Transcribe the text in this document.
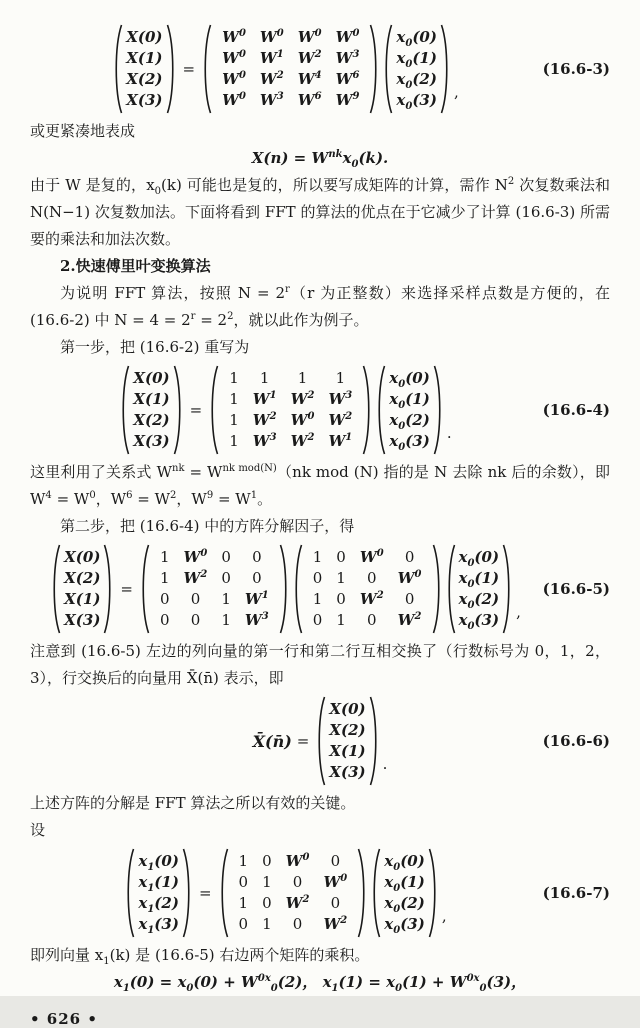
X(0)
X(1)
X(2)
X(3)
=
$W^0$ $W^0$ $W^0$ $W^0$
$W^0$ $W^1$ $W^2$ $W^3$
$W^0$ $W^2$ $W^4$ $W^6$
$W^0$ $W^3$ $W^6$ $W^9$
$x_0(0)$
$x_0(1)$
$x_0(2)$
$x_0(3)$ ,
(16.6-3)

或更紧凑地表成

$X(n) = W^{nk}x_0(k)$.

由于 W 是复的，$x_0(k)$ 可能也是复的，所以要写成矩阵的计算，需作 $N^2$ 次复数乘法和 N(N−1) 次复数加法。下面将看到 FFT 的算法的优点在于它减少了计算 (16.6-3) 所需要的乘法和加法次数。

2.快速傅里叶变换算法

为说明 FFT 算法，按照 $N = 2^r(r$ 为正整数）来选择采样点数是方便的，在 (16.6-2) 中 $N = 4 = 2^r = 2^2$，就以此作为例子。

第一步，把 (16.6-2) 重写为

X(0)
X(1)
X(2)
X(3)
=
1	1	1	1
1 $W^1$ $W^2$ $W^3$
1 $W^2$ $W^0$ $W^2$
1 $W^3$ $W^2$ $W^1$
$x_0(0)$
$x_0(1)$
$x_0(2)$
$x_0(3)$ .
(16.6-4)

这里利用了关系式 $W^{nk} = W^{nk mod(N)}(nk$ mod (N) 指的是 N 去除 nk 后的余数），即 $W^4 = W^0$，$W^6 = W^2$，$W^9 = W^1$。

第二步，把 (16.6-4) 中的方阵分解因子，得

X(0)
X(2)
X(1)
X(3)
=
1 $W^0$ 0	0
1 $W^2$ 0	0
0	0	1 $W^1$
0	0	1 $W^3$
1 0 $W^0$	0
0 1	0	$W^0$
1 0 $W^2$	0
0 1	0	$W^2$
$x_0(0)$
$x_0(1)$
$x_0(2)$
$x_0(3)$ ,
(16.6-5)

注意到 (16.6-5) 左边的列向量的第一行和第二行互相交换了（行数标号为 0，1，2，3），行交换后的向量用 X̄(n̄) 表示，即

X̄(n̄) =
X(0)
X(2)
X(1)
X(3) .
(16.6-6)

上述方阵的分解是 FFT 算法之所以有效的关键。

设

$x_1(0)$
$x_1(1)$
$x_1(2)$
$x_1(3)$
=
1 0 $W^0$	0
0 1	0	$W^0$
1 0 $W^2$	0
0 1	0	$W^2$
$x_0(0)$
$x_0(1)$
$x_0(2)$
$x_0(3)$ ,
(16.6-7)

即列向量 $x_1(k)$ 是 (16.6-5) 右边两个矩阵的乘积。

$x_1(0) = x_0(0) + W^{0x}_0(2)$， $x_1(1) = x_0(1) + W^{0x}_0(3)$，
• 626 •
